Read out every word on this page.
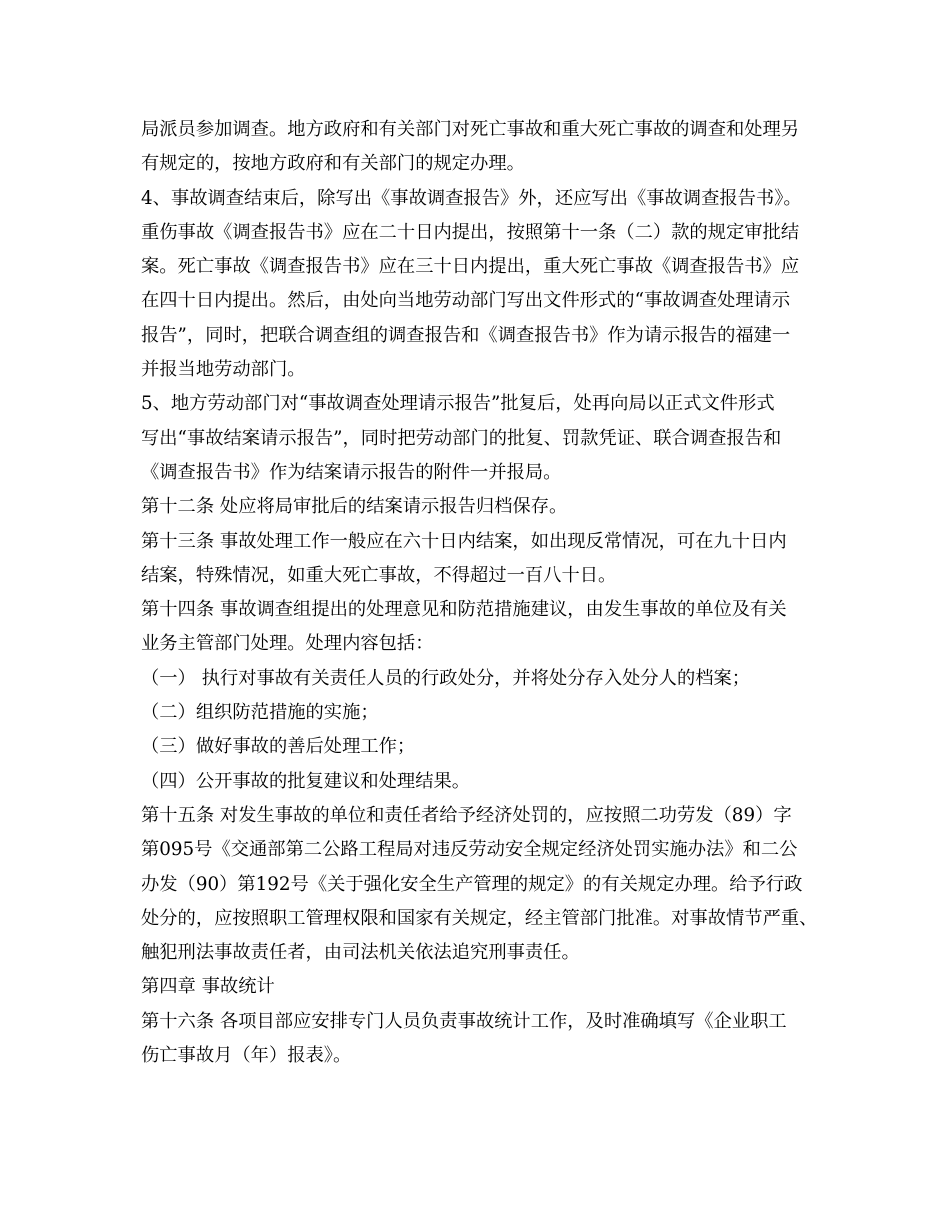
局派员参加调查。地方政府和有关部门对死亡事故和重大死亡事故的调查和处理另
有规定的，按地方政府和有关部门的规定办理。
4、事故调查结束后，除写出《事故调查报告》外，还应写出《事故调查报告书》。
重伤事故《调查报告书》应在二十日内提出，按照第十一条（二）款的规定审批结
案。死亡事故《调查报告书》应在三十日内提出，重大死亡事故《调查报告书》应
在四十日内提出。然后，由处向当地劳动部门写出文件形式的“事故调查处理请示
报告”，同时，把联合调查组的调查报告和《调查报告书》作为请示报告的福建一
并报当地劳动部门。
5、地方劳动部门对“事故调查处理请示报告”批复后，处再向局以正式文件形式
写出“事故结案请示报告”，同时把劳动部门的批复、罚款凭证、联合调查报告和
《调查报告书》作为结案请示报告的附件一并报局。
第十二条 处应将局审批后的结案请示报告归档保存。
第十三条 事故处理工作一般应在六十日内结案，如出现反常情况，可在九十日内
结案，特殊情况，如重大死亡事故，不得超过一百八十日。
第十四条 事故调查组提出的处理意见和防范措施建议，由发生事故的单位及有关
业务主管部门处理。处理内容包括：
（一） 执行对事故有关责任人员的行政处分，并将处分存入处分人的档案；
（二）组织防范措施的实施；
（三）做好事故的善后处理工作；
（四）公开事故的批复建议和处理结果。
第十五条 对发生事故的单位和责任者给予经济处罚的，应按照二功劳发（89）字
第095号《交通部第二公路工程局对违反劳动安全规定经济处罚实施办法》和二公
办发（90）第192号《关于强化安全生产管理的规定》的有关规定办理。给予行政
处分的，应按照职工管理权限和国家有关规定，经主管部门批准。对事故情节严重、
触犯刑法事故责任者，由司法机关依法追究刑事责任。
第四章 事故统计
第十六条 各项目部应安排专门人员负责事故统计工作，及时准确填写《企业职工
伤亡事故月（年）报表》。
